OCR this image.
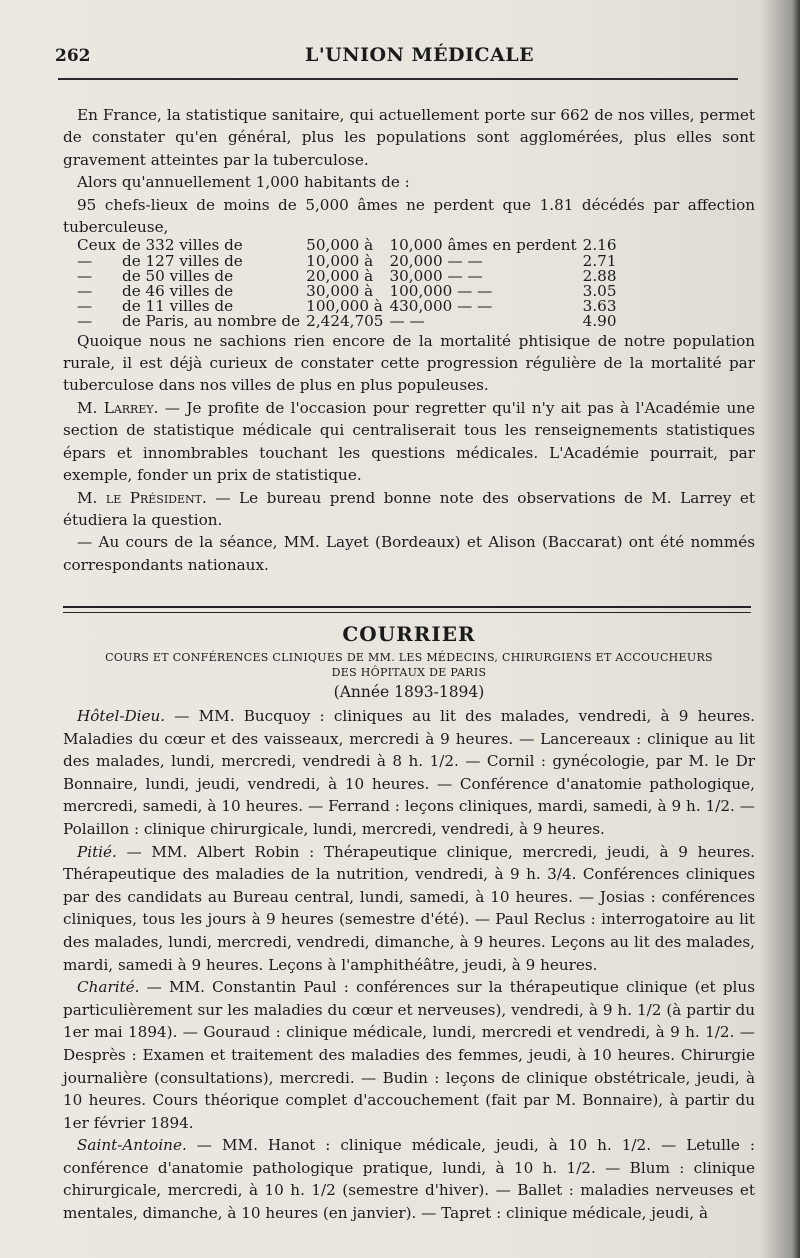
262	L'UNION MÉDICALE

En France, la statistique sanitaire, qui actuellement porte sur 662 de nos villes, permet de constater qu'en général, plus les populations sont agglomérées, plus elles sont gravement atteintes par la tuberculose.

Alors qu'annuellement 1,000 habitants de :

95 chefs-lieux de moins de 5,000 âmes ne perdent que 1.81 décédés par affection tuberculeuse,

Ceux	de 332 villes de	50,000 à	10,000 âmes en perdent	2.16
—	de 127 villes de	10,000 à	20,000 — —	2.71
—	de 50 villes de	20,000 à	30,000 — —	2.88
—	de 46 villes de	30,000 à	100,000 — —	3.05
—	de 11 villes de	100,000 à	430,000 — —	3.63
—	de Paris, au nombre de	2,424,705	— —	4.90

Quoique nous ne sachions rien encore de la mortalité phtisique de notre population rurale, il est déjà curieux de constater cette progression régulière de la mortalité par tuberculose dans nos villes de plus en plus populeuses.

M. Larrey. — Je profite de l'occasion pour regretter qu'il n'y ait pas à l'Académie une section de statistique médicale qui centraliserait tous les renseignements statistiques épars et innombrables touchant les questions médicales. L'Académie pourrait, par exemple, fonder un prix de statistique.

M. le Président. — Le bureau prend bonne note des observations de M. Larrey et étudiera la question.

— Au cours de la séance, MM. Layet (Bordeaux) et Alison (Baccarat) ont été nommés correspondants nationaux.

COURRIER

COURS ET CONFÉRENCES CLINIQUES DE MM. LES MÉDECINS, CHIRURGIENS ET ACCOUCHEURS

DES HÔPITAUX DE PARIS

(Année 1893-1894)

Hôtel-Dieu. — MM. Bucquoy : cliniques au lit des malades, vendredi, à 9 heures. Maladies du cœur et des vaisseaux, mercredi à 9 heures. — Lancereaux : clinique au lit des malades, lundi, mercredi, vendredi à 8 h. 1/2. — Cornil : gynécologie, par M. le Dr Bonnaire, lundi, jeudi, vendredi, à 10 heures. — Conférence d'anatomie pathologique, mercredi, samedi, à 10 heures. — Ferrand : leçons cliniques, mardi, samedi, à 9 h. 1/2. — Polaillon : clinique chirurgicale, lundi, mercredi, vendredi, à 9 heures.

Pitié. — MM. Albert Robin : Thérapeutique clinique, mercredi, jeudi, à 9 heures. Thérapeutique des maladies de la nutrition, vendredi, à 9 h. 3/4. Conférences cliniques par des candidats au Bureau central, lundi, samedi, à 10 heures. — Josias : conférences cliniques, tous les jours à 9 heures (semestre d'été). — Paul Reclus : interrogatoire au lit des malades, lundi, mercredi, vendredi, dimanche, à 9 heures. Leçons au lit des malades, mardi, samedi à 9 heures. Leçons à l'amphithéâtre, jeudi, à 9 heures.

Charité. — MM. Constantin Paul : conférences sur la thérapeutique clinique (et plus particulièrement sur les maladies du cœur et nerveuses), vendredi, à 9 h. 1/2 (à partir du 1er mai 1894). — Gouraud : clinique médicale, lundi, mercredi et vendredi, à 9 h. 1/2. — Desprès : Examen et traitement des maladies des femmes, jeudi, à 10 heures. Chirurgie journalière (consultations), mercredi. — Budin : leçons de clinique obstétricale, jeudi, à 10 heures. Cours théorique complet d'accouchement (fait par M. Bonnaire), à partir du 1er février 1894.

Saint-Antoine. — MM. Hanot : clinique médicale, jeudi, à 10 h. 1/2. — Letulle : conférence d'anatomie pathologique pratique, lundi, à 10 h. 1/2. — Blum : clinique chirurgicale, mercredi, à 10 h. 1/2 (semestre d'hiver). — Ballet : maladies nerveuses et mentales, dimanche, à 10 heures (en janvier). — Tapret : clinique médicale, jeudi, à
